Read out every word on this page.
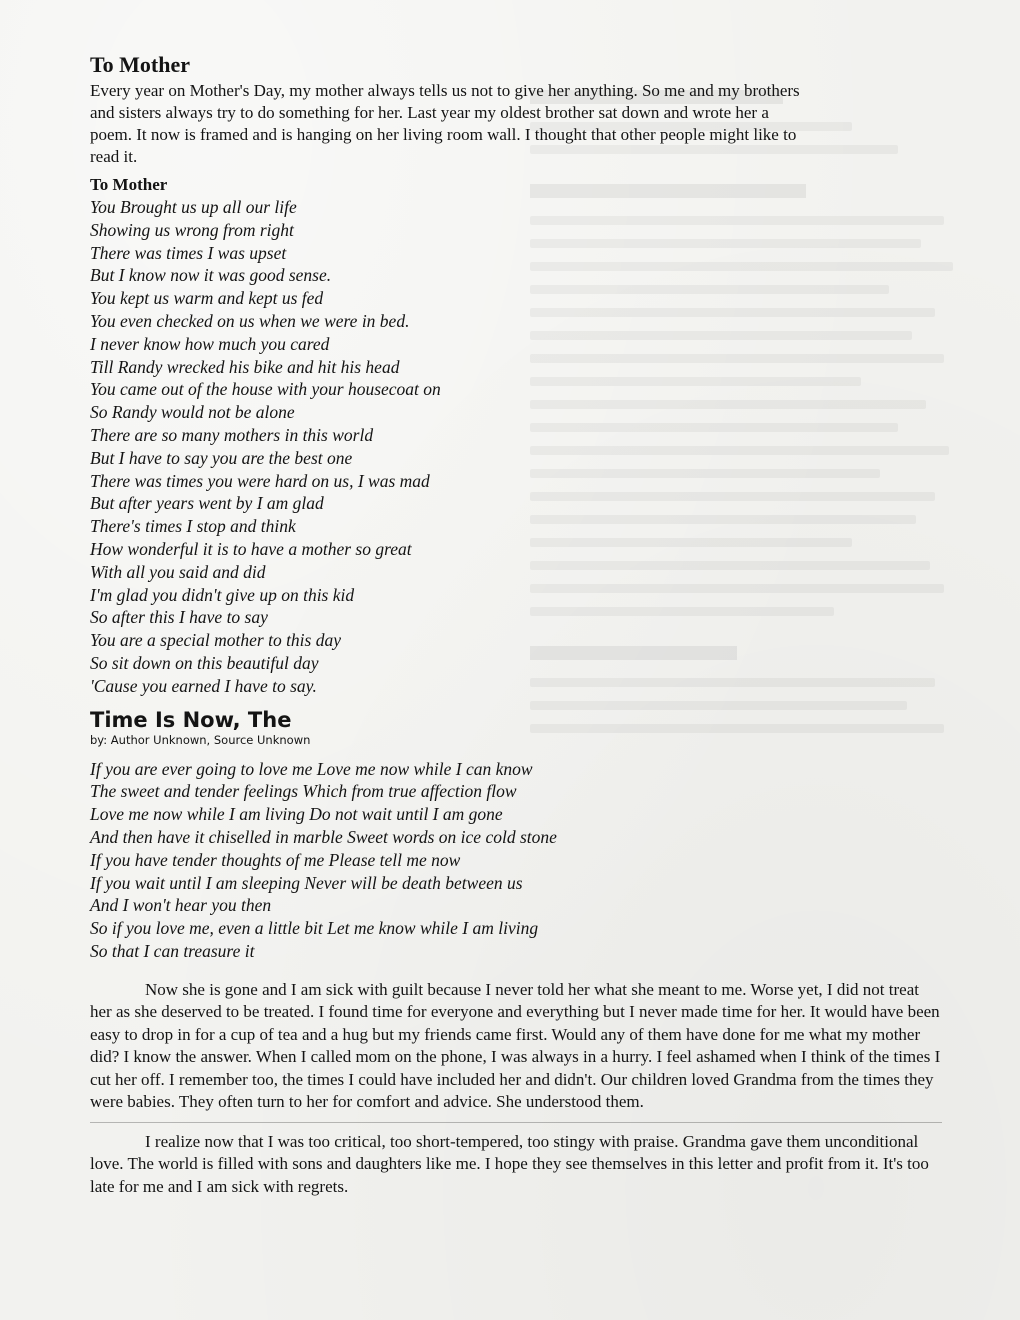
To Mother

Every year on Mother's Day, my mother always tells us not to give her anything. So me and my brothers

and sisters always try to do something for her. Last year my oldest brother sat down and wrote her a

poem. It now is framed and is hanging on her living room wall. I thought that other people might like to

read it.

To Mother
You Brought us up all our life
Showing us wrong from right
There was times I was upset
But I know now it was good sense.
You kept us warm and kept us fed
You even checked on us when we were in bed.
I never know how much you cared
Till Randy wrecked his bike and hit his head
You came out of the house with your housecoat on
So Randy would not be alone
There are so many mothers in this world
But I have to say you are the best one
There was times you were hard on us, I was mad
But after years went by I am glad
There's times I stop and think
How wonderful it is to have a mother so great
With all you said and did
I'm glad you didn't give up on this kid
So after this I have to say
You are a special mother to this day
So sit down on this beautiful day
'Cause you earned I have to say.
Time Is Now, The
by: Author Unknown, Source Unknown
If you are ever going to love me Love me now while I can know
The sweet and tender feelings Which from true affection flow
Love me now while I am living Do not wait until I am gone
And then have it chiselled in marble Sweet words on ice cold stone
If you have tender thoughts of me Please tell me now
If you wait until I am sleeping Never will be death between us
And I won't hear you then
So if you love me, even a little bit Let me know while I am living
So that I can treasure it

Now she is gone and I am sick with guilt because I never told her what she meant to me. Worse yet, I did not treat her as she deserved to be treated. I found time for everyone and everything but I never made time for her. It would have been easy to drop in for a cup of tea and a hug but my friends came first. Would any of them have done for me what my mother did? I know the answer. When I called mom on the phone, I was always in a hurry. I feel ashamed when I think of the times I cut her off. I remember too, the times I could have included her and didn't. Our children loved Grandma from the times they were babies. They often turn to her for comfort and advice. She understood them.

I realize now that I was too critical, too short-tempered, too stingy with praise. Grandma gave them unconditional love. The world is filled with sons and daughters like me. I hope they see themselves in this letter and profit from it. It's too late for me and I am sick with regrets.
